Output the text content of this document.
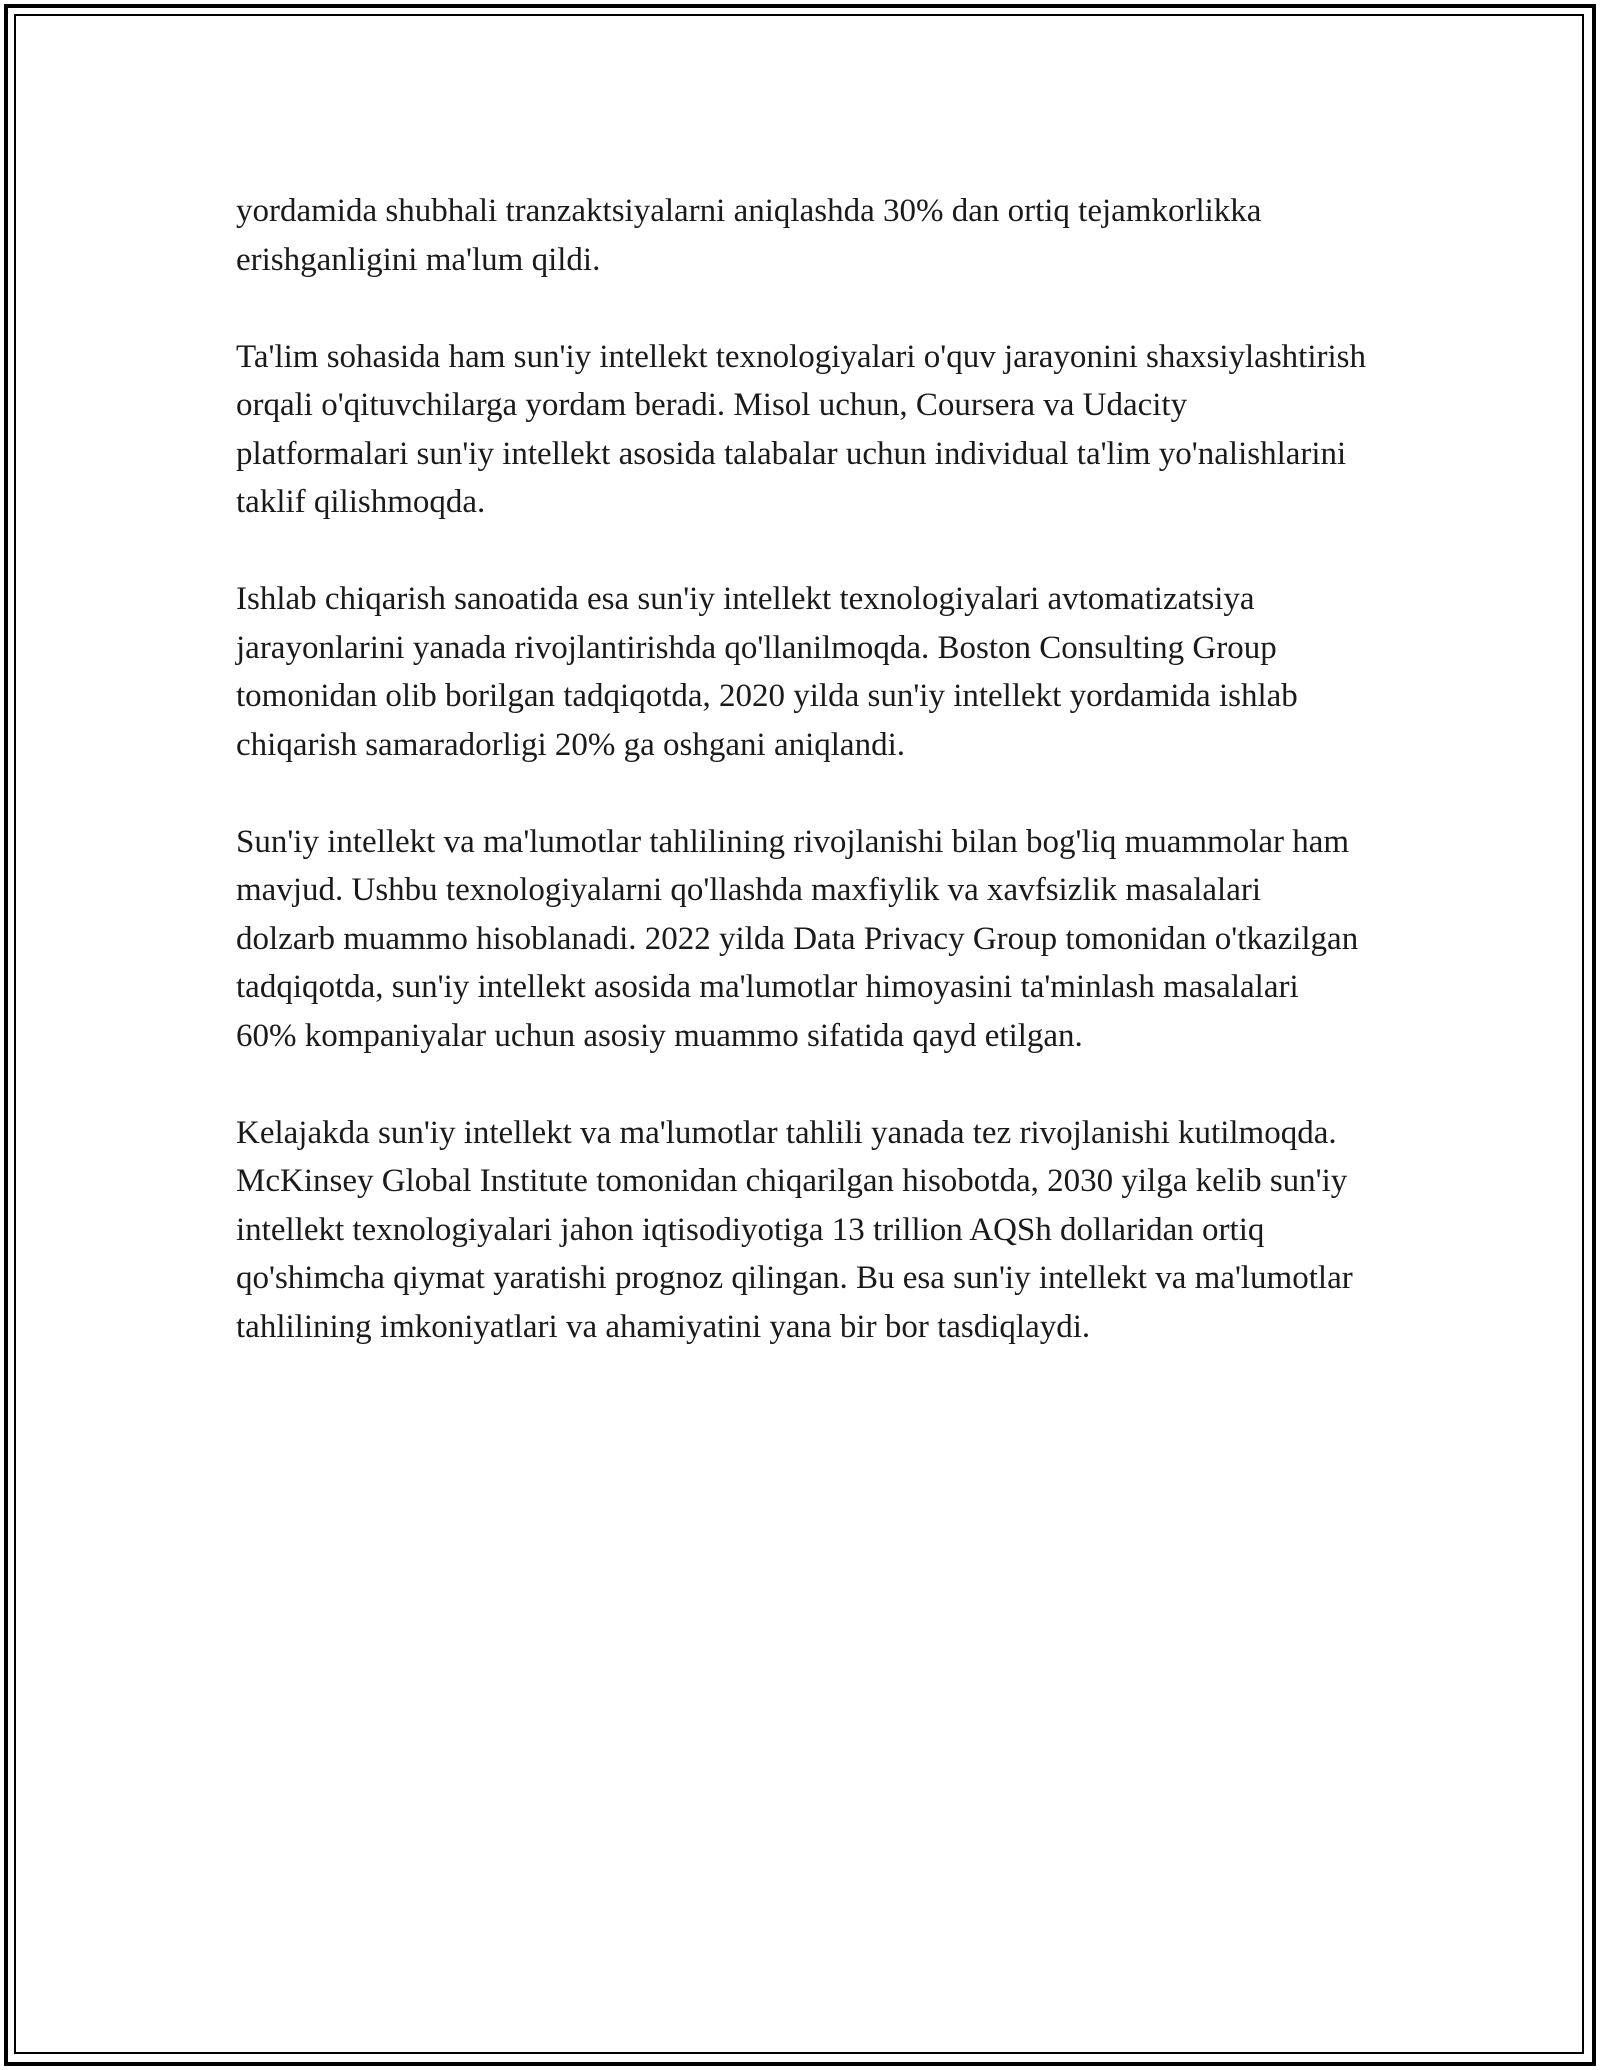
yordamida shubhali tranzaktsiyalarni aniqlashda 30% dan ortiq tejamkorlikka erishganligini ma'lum qildi.

Ta'lim sohasida ham sun'iy intellekt texnologiyalari o'quv jarayonini shaxsiylashtirish orqali o'qituvchilarga yordam beradi. Misol uchun, Coursera va Udacity platformalari sun'iy intellekt asosida talabalar uchun individual ta'lim yo'nalishlarini taklif qilishmoqda.

Ishlab chiqarish sanoatida esa sun'iy intellekt texnologiyalari avtomatizatsiya jarayonlarini yanada rivojlantirishda qo'llanilmoqda. Boston Consulting Group tomonidan olib borilgan tadqiqotda, 2020 yilda sun'iy intellekt yordamida ishlab chiqarish samaradorligi 20% ga oshgani aniqlandi.

Sun'iy intellekt va ma'lumotlar tahlilining rivojlanishi bilan bog'liq muammolar ham mavjud. Ushbu texnologiyalarni qo'llashda maxfiylik va xavfsizlik masalalari dolzarb muammo hisoblanadi. 2022 yilda Data Privacy Group tomonidan o'tkazilgan tadqiqotda, sun'iy intellekt asosida ma'lumotlar himoyasini ta'minlash masalalari 60% kompaniyalar uchun asosiy muammo sifatida qayd etilgan.

Kelajakda sun'iy intellekt va ma'lumotlar tahlili yanada tez rivojlanishi kutilmoqda. McKinsey Global Institute tomonidan chiqarilgan hisobotda, 2030 yilga kelib sun'iy intellekt texnologiyalari jahon iqtisodiyotiga 13 trillion AQSh dollaridan ortiq qo'shimcha qiymat yaratishi prognoz qilingan. Bu esa sun'iy intellekt va ma'lumotlar tahlilining imkoniyatlari va ahamiyatini yana bir bor tasdiqlaydi.
